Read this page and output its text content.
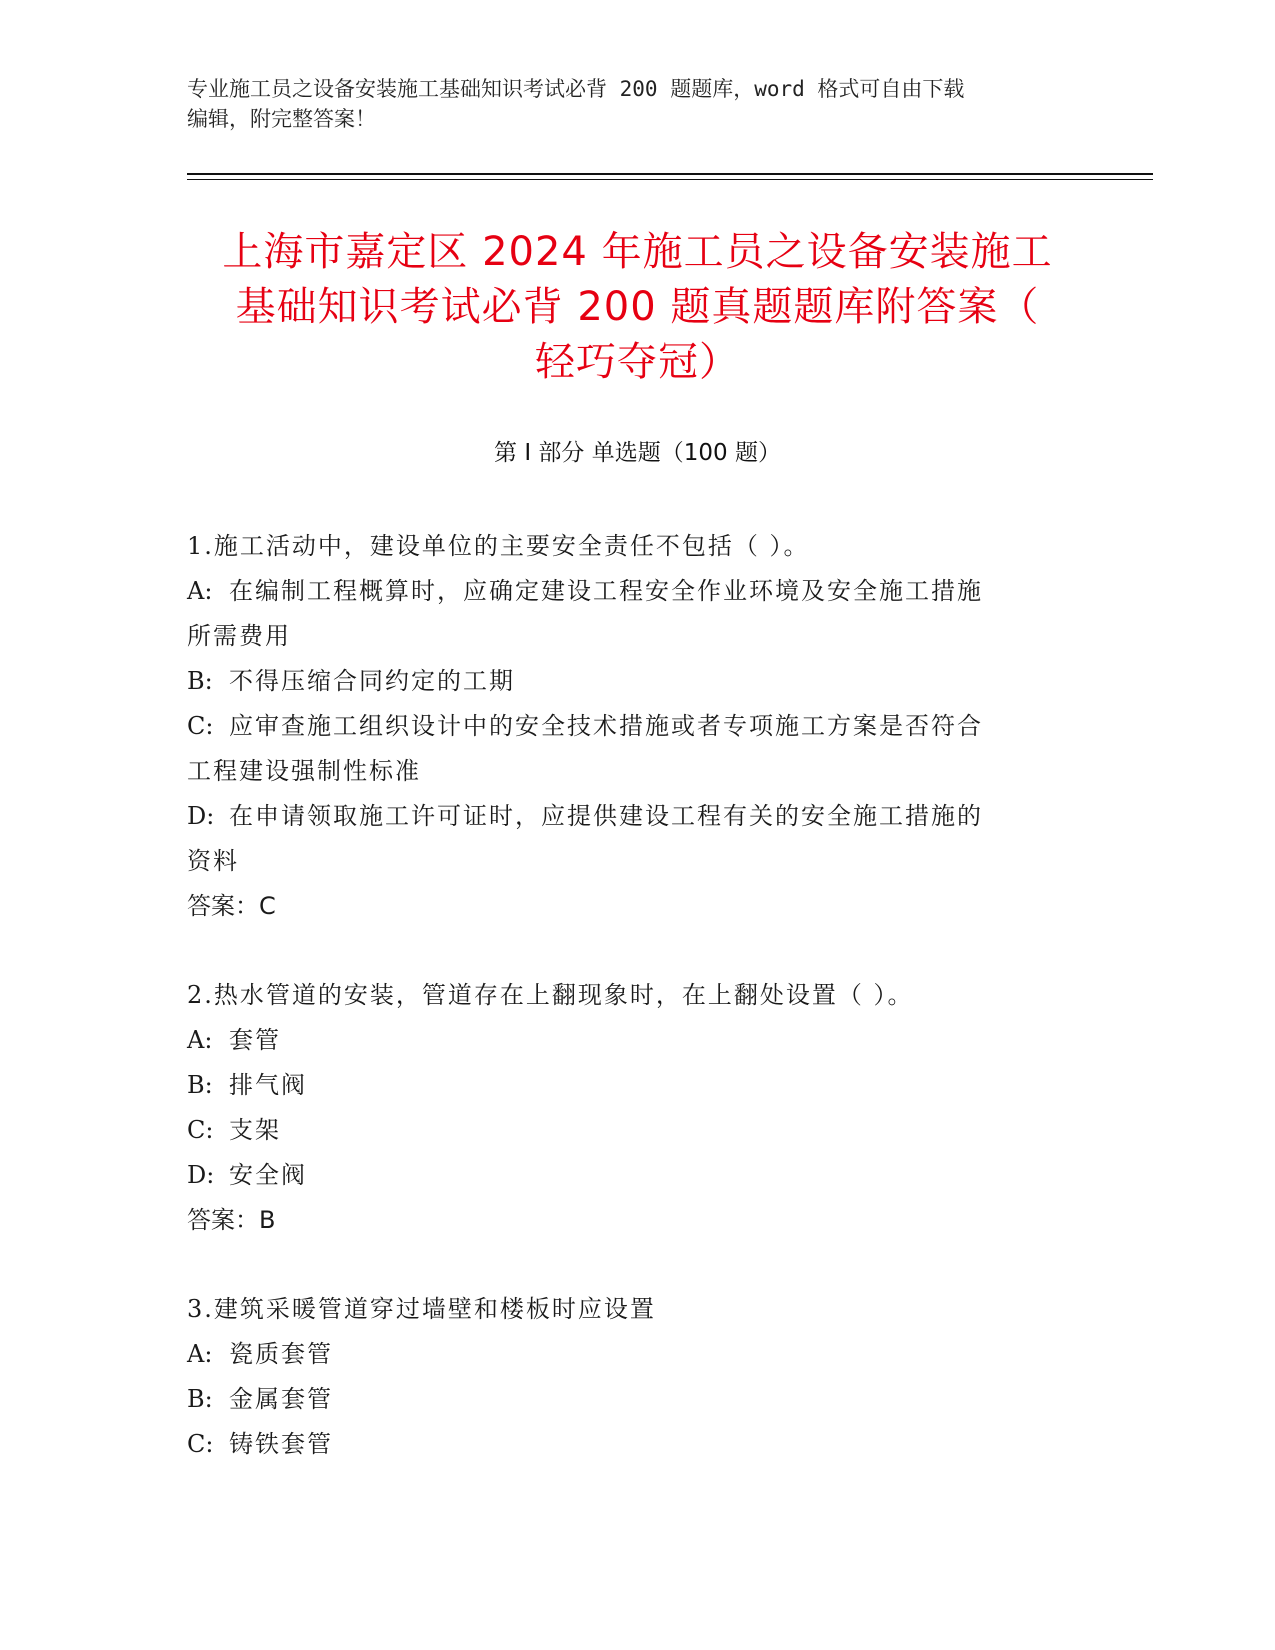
专业施工员之设备安装施工基础知识考试必背 200 题题库，word 格式可自由下载
编辑，附完整答案！
上海市嘉定区 2024 年施工员之设备安装施工
基础知识考试必背 200 题真题题库附答案（
轻巧夺冠）
第 I 部分 单选题（100 题）

1.施工活动中，建设单位的主要安全责任不包括（ ）。

A: 在编制工程概算时，应确定建设工程安全作业环境及安全施工措施

所需费用

B: 不得压缩合同约定的工期

C: 应审查施工组织设计中的安全技术措施或者专项施工方案是否符合

工程建设强制性标准

D: 在申请领取施工许可证时，应提供建设工程有关的安全施工措施的

资料

答案：C

2.热水管道的安装，管道存在上翻现象时，在上翻处设置（ ）。

A: 套管

B: 排气阀

C: 支架

D: 安全阀

答案：B

3.建筑采暖管道穿过墙壁和楼板时应设置

A: 瓷质套管

B: 金属套管

C: 铸铁套管
